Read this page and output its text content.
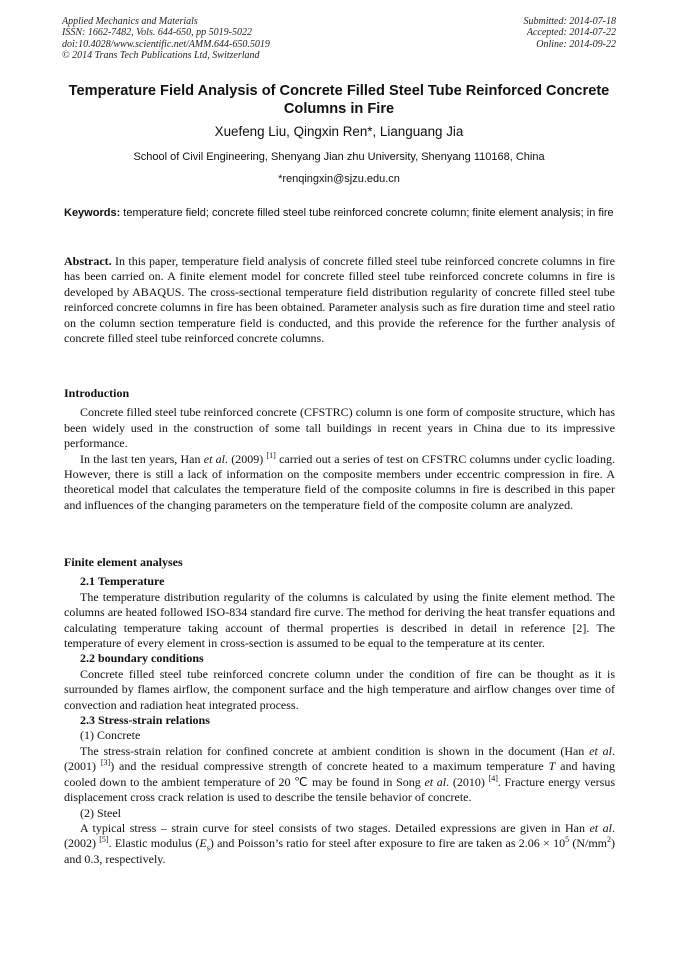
Applied Mechanics and Materials
ISSN: 1662-7482, Vols. 644-650, pp 5019-5022
doi:10.4028/www.scientific.net/AMM.644-650.5019
© 2014 Trans Tech Publications Ltd, Switzerland
Submitted: 2014-07-18
Accepted: 2014-07-22
Online: 2014-09-22
Temperature Field Analysis of Concrete Filled Steel Tube Reinforced Concrete Columns in Fire
Xuefeng Liu, Qingxin Ren*, Lianguang Jia
School of Civil Engineering, Shenyang Jian zhu University, Shenyang 110168, China
*renqingxin@sjzu.edu.cn
Keywords: temperature field; concrete filled steel tube reinforced concrete column; finite element analysis; in fire

Abstract. In this paper, temperature field analysis of concrete filled steel tube reinforced concrete columns in fire has been carried on. A finite element model for concrete filled steel tube reinforced concrete columns in fire is developed by ABAQUS. The cross-sectional temperature field distribution regularity of concrete filled steel tube reinforced concrete columns in fire has been obtained. Parameter analysis such as fire duration time and steel ratio on the column section temperature field is conducted, and this provide the reference for the further analysis of concrete filled steel tube reinforced concrete columns.

Introduction

Concrete filled steel tube reinforced concrete (CFSTRC) column is one form of composite structure, which has been widely used in the construction of some tall buildings in recent years in China due to its impressive performance.

In the last ten years, Han et al. (2009) [1] carried out a series of test on CFSTRC columns under cyclic loading. However, there is still a lack of information on the composite members under eccentric compression in fire. A theoretical model that calculates the temperature field of the composite columns in fire is described in this paper and influences of the changing parameters on the temperature field of the composite column are analyzed.

Finite element analyses

2.1 Temperature

The temperature distribution regularity of the columns is calculated by using the finite element method. The columns are heated followed ISO-834 standard fire curve. The method for deriving the heat transfer equations and calculating temperature taking account of thermal properties is described in detail in reference [2]. The temperature of every element in cross-section is assumed to be equal to the temperature at its center.

2.2 boundary conditions

Concrete filled steel tube reinforced concrete column under the condition of fire can be thought as it is surrounded by flames airflow, the component surface and the high temperature and airflow changes over time of convection and radiation heat integrated process.

2.3 Stress-strain relations

(1) Concrete

The stress-strain relation for confined concrete at ambient condition is shown in the document (Han et al. (2001) [3]) and the residual compressive strength of concrete heated to a maximum temperature T and having cooled down to the ambient temperature of 20 ℃ may be found in Song et al. (2010) [4]. Fracture energy versus displacement cross crack relation is used to describe the tensile behavior of concrete.

(2) Steel

A typical stress – strain curve for steel consists of two stages. Detailed expressions are given in Han et al. (2002) [5]. Elastic modulus $(E_s)$ and Poisson’s ratio for steel after exposure to fire are taken as $2.06 \times 10^5$ $(N/mm^2)$ and 0.3, respectively.
